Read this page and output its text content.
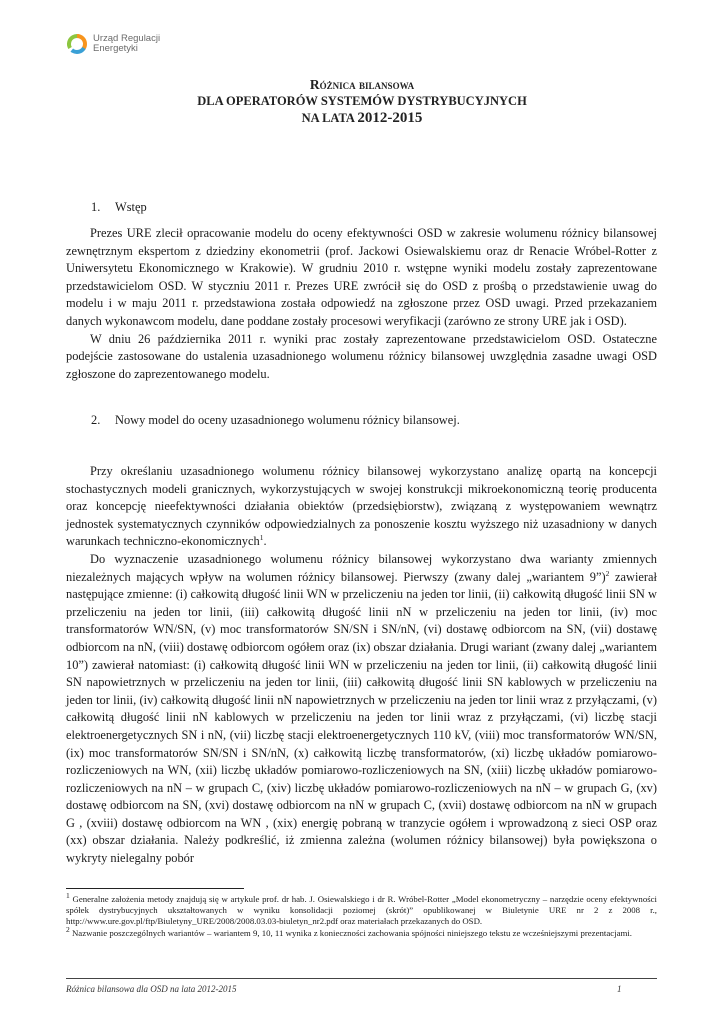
Urząd Regulacji
Energetyki
Różnica bilansowa
DLA OPERATORÓW SYSTEMÓW DYSTRYBUCYJNYCH
NA LATA 2012-2015
1. Wstęp

Prezes URE zlecił opracowanie modelu do oceny efektywności OSD w zakresie wolumenu różnicy bilansowej zewnętrznym ekspertom z dziedziny ekonometrii (prof. Jackowi Osiewalskiemu oraz dr Renacie Wróbel-Rotter z Uniwersytetu Ekonomicznego w Krakowie). W grudniu 2010 r. wstępne wyniki modelu zostały zaprezentowane przedstawicielom OSD. W styczniu 2011 r. Prezes URE zwrócił się do OSD z prośbą o przedstawienie uwag do modelu i w maju 2011 r. przedstawiona została odpowiedź na zgłoszone przez OSD uwagi. Przed przekazaniem danych wykonawcom modelu, dane poddane zostały procesowi weryfikacji (zarówno ze strony URE jak i OSD).

W dniu 26 października 2011 r. wyniki prac zostały zaprezentowane przedstawicielom OSD. Ostateczne podejście zastosowane do ustalenia uzasadnionego wolumenu różnicy bilansowej uwzględnia zasadne uwagi OSD zgłoszone do zaprezentowanego modelu.

2. Nowy model do oceny uzasadnionego wolumenu różnicy bilansowej.

Przy określaniu uzasadnionego wolumenu różnicy bilansowej wykorzystano analizę opartą na koncepcji stochastycznych modeli granicznych, wykorzystujących w swojej konstrukcji mikroekonomiczną teorię producenta oraz koncepcję nieefektywności działania obiektów (przedsiębiorstw), związaną z występowaniem wewnątrz jednostek systematycznych czynników odpowiedzialnych za ponoszenie kosztu wyższego niż uzasadniony w danych warunkach techniczno-ekonomicznych$^1$.

Do wyznaczenie uzasadnionego wolumenu różnicy bilansowej wykorzystano dwa warianty zmiennych niezależnych mających wpływ na wolumen różnicy bilansowej. Pierwszy (zwany dalej „wariantem 9”)$^2$ zawierał następujące zmienne: (i) całkowitą długość linii WN w przeliczeniu na jeden tor linii, (ii) całkowitą długość linii SN w przeliczeniu na jeden tor linii, (iii) całkowitą długość linii nN w przeliczeniu na jeden tor linii, (iv) moc transformatorów WN/SN, (v) moc transformatorów SN/SN i SN/nN, (vi) dostawę odbiorcom na SN, (vii) dostawę odbiorcom na nN, (viii) dostawę odbiorcom ogółem oraz (ix) obszar działania. Drugi wariant (zwany dalej „wariantem 10”) zawierał natomiast: (i) całkowitą długość linii WN w przeliczeniu na jeden tor linii, (ii) całkowitą długość linii SN napowietrznych w przeliczeniu na jeden tor linii, (iii) całkowitą długość linii SN kablowych w przeliczeniu na jeden tor linii, (iv) całkowitą długość linii nN napowietrznych w przeliczeniu na jeden tor linii wraz z przyłączami, (v) całkowitą długość linii nN kablowych w przeliczeniu na jeden tor linii wraz z przyłączami, (vi) liczbę stacji elektroenergetycznych SN i nN, (vii) liczbę stacji elektroenergetycznych 110 kV, (viii) moc transformatorów WN/SN, (ix) moc transformatorów SN/SN i SN/nN, (x) całkowitą liczbę transformatorów, (xi) liczbę układów pomiarowo-rozliczeniowych na WN, (xii) liczbę układów pomiarowo-rozliczeniowych na SN, (xiii) liczbę układów pomiarowo-rozliczeniowych na nN – w grupach C, (xiv) liczbę układów pomiarowo-rozliczeniowych na nN – w grupach G, (xv) dostawę odbiorcom na SN, (xvi) dostawę odbiorcom na nN w grupach C, (xvii) dostawę odbiorcom na nN w grupach G , (xviii) dostawę odbiorcom na WN , (xix) energię pobraną w tranzycie ogółem i wprowadzoną z sieci OSP oraz (xx) obszar działania. Należy podkreślić, iż zmienna zależna (wolumen różnicy bilansowej) była powiększona o wykryty nielegalny pobór

$^1$ Generalne założenia metody znajdują się w artykule prof. dr hab. J. Osiewalskiego i dr R. Wróbel-Rotter „Model ekonometryczny – narzędzie oceny efektywności spółek dystrybucyjnych ukształtowanych w wyniku konsolidacji poziomej (skrót)” opublikowanej w Biuletynie URE nr 2 z 2008 r., http://www.ure.gov.pl/ftp/Biuletyny_URE/2008/2008.03.03-biuletyn_nr2.pdf oraz materiałach przekazanych do OSD.

$^2$ Nazwanie poszczególnych wariantów – wariantem 9, 10, 11 wynika z konieczności zachowania spójności niniejszego tekstu ze wcześniejszymi prezentacjami.

Różnica bilansowa dla OSD na lata 2012-2015	1
